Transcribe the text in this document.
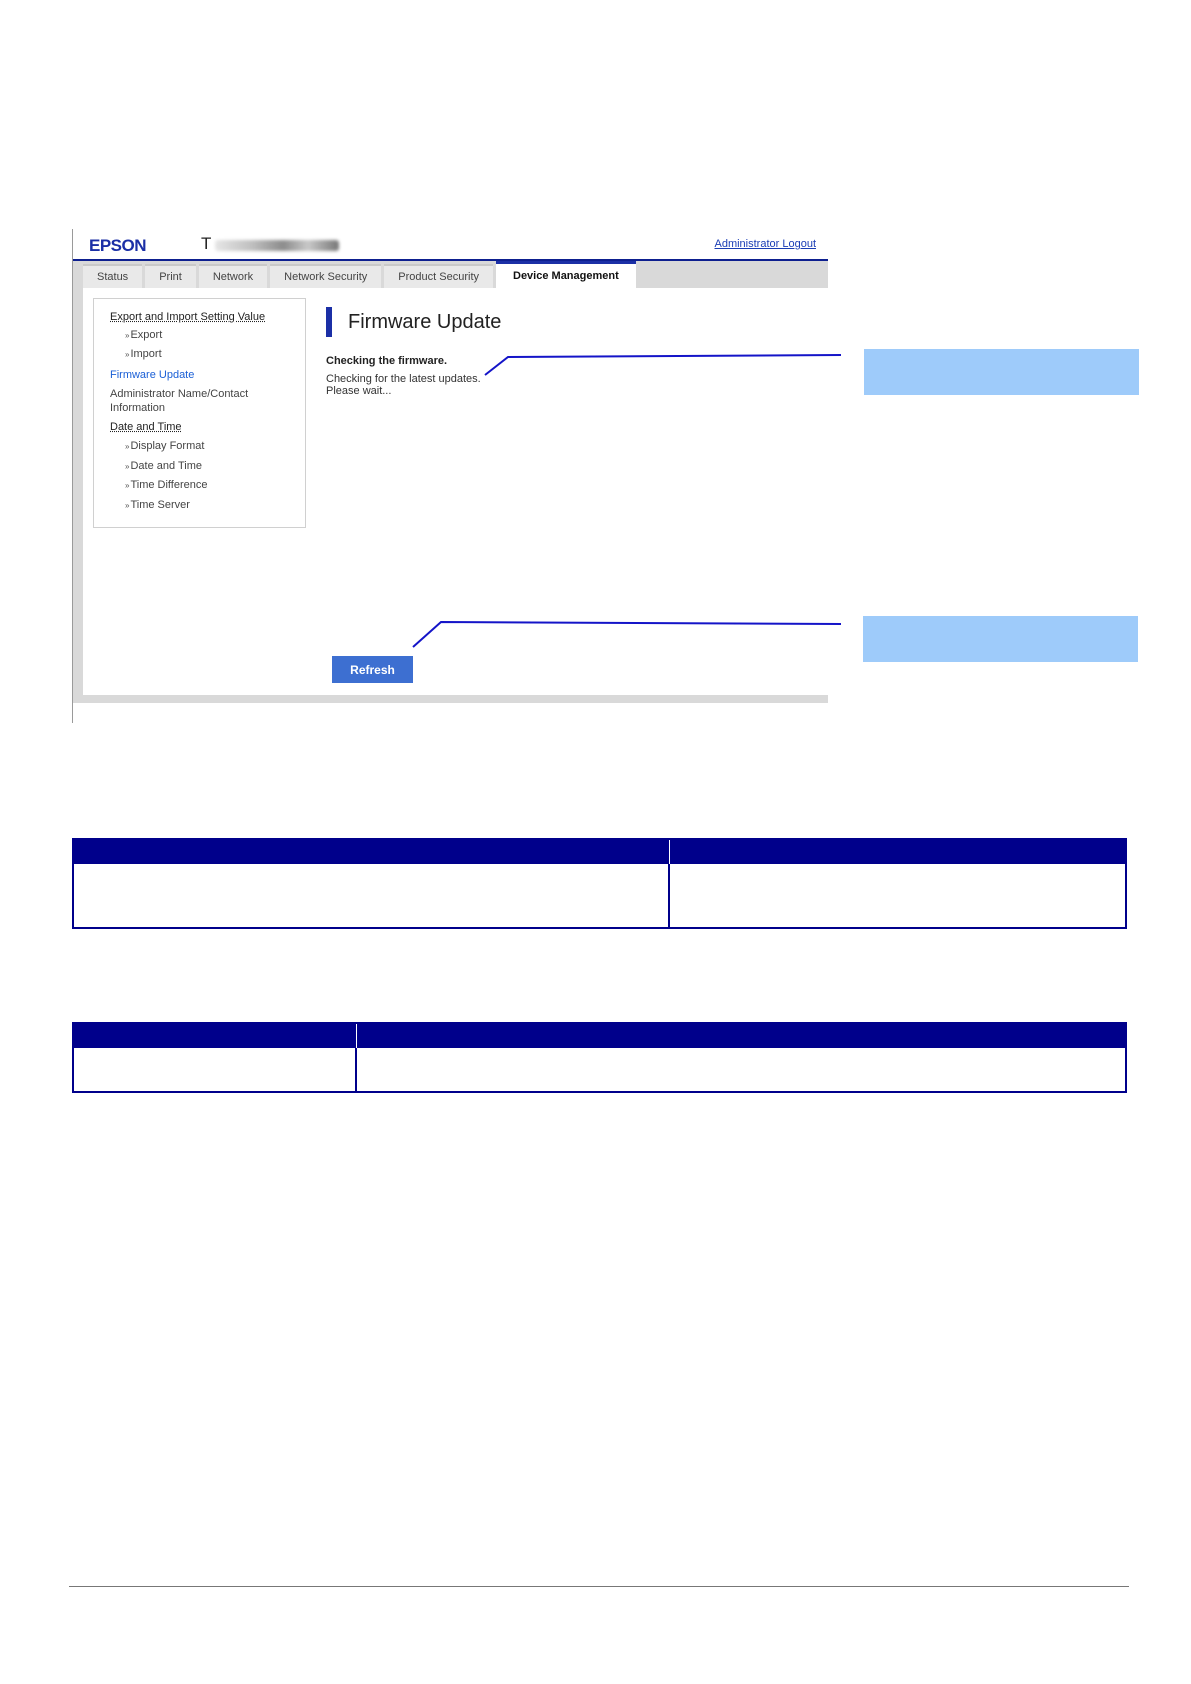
EPSON	T	Administrator Logout
Status	Print	Network	Network Security	Product Security	Device Management
Export and Import Setting Value
» Export
» Import
Firmware Update
Administrator Name/Contact Information
Date and Time
» Display Format
» Date and Time
» Time Difference
» Time Server
Firmware Update
Checking the firmware.
Checking for the latest updates.
Please wait...
Refresh
